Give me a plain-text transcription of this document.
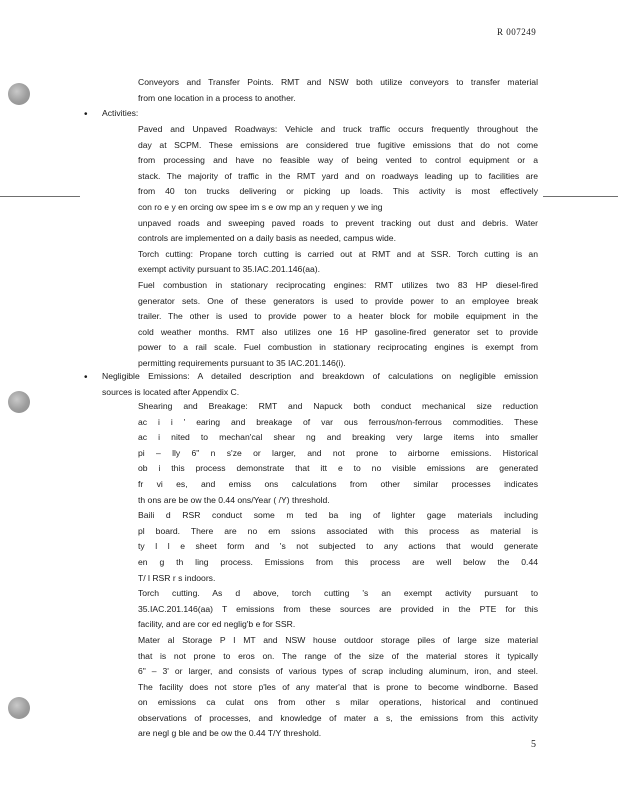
R 007249
Conveyors and Transfer Points. RMT and NSW both utilize conveyors to transfer material
from one location in a process to another.
• Activities:
Paved and Unpaved Roadways: Vehicle and truck traffic occurs frequently throughout the
day at SCPM. These emissions are considered true fugitive emissions that do not come
from processing and have no feasible way of being vented to control equipment or a
stack. The majority of traffic in the RMT yard and on roadways leading up to facilities are
from 40 ton trucks delivering or picking up loads. This activity is most effectively
con ro e y en orcing ow spee im s e ow mp an y requen y we ing
unpaved roads and sweeping paved roads to prevent tracking out dust and debris. Water
controls are implemented on a daily basis as needed, campus wide.
Torch cutting: Propane torch cutting is carried out at RMT and at SSR. Torch cutting is an
exempt activity pursuant to 35.IAC.201.146(aa).
Fuel combustion in stationary reciprocating engines: RMT utilizes two 83 HP diesel-fired
generator sets. One of these generators is used to provide power to an employee break
trailer. The other is used to provide power to a heater block for mobile equipment in the
cold weather months. RMT also utilizes one 16 HP gasoline-fired generator set to provide
power to a rail scale. Fuel combustion in stationary reciprocating engines is exempt from
permitting requirements pursuant to 35 IAC.201.146(i).
• Negligible Emissions: A detailed description and breakdown of calculations on negligible emission
sources is located after Appendix C.
Shearing and Breakage: RMT and Napuck both conduct mechanical size reduction
ac i i ' earing and breakage of var ous ferrous/non-ferrous commodities. These
ac i nited to mechan'cal shear ng and breaking very large items into smaller
pi – lly 6" n s'ze or larger, and not prone to airborne emissions. Historical
ob i this process demonstrate that itt e to no visible emissions are generated
fr vi es, and emiss ons calculations from other similar processes indicates
th ons are be ow the 0.44 ons/Year ( /Y) threshold.
Baili d RSR conduct some m ted ba ing of lighter gage materials including
pl board. There are no em ssions associated with this process as material is
ty l l e sheet form and 's not subjected to any actions that would generate
en g th ling process. Emissions from this process are well below the 0.44
T/ l RSR r s indoors.
Torch cutting. As d above, torch cutting 's an exempt activity pursuant to
35.IAC.201.146(aa) T emissions from these sources are provided in the PTE for this
facility, and are cor ed neglig'b e for SSR.
Mater al Storage P I MT and NSW house outdoor storage piles of large size material
that is not prone to eros on. The range of the size of the material stores it typically
6" – 3' or larger, and consists of various types of scrap including aluminum, iron, and steel.
The facility does not store p'les of any mater'al that is prone to become windborne. Based
on emissions ca culat ons from other s milar operations, historical and continued
observations of processes, and knowledge of mater a s, the emissions from this activity
are negl g ble and be ow the 0.44 T/Y threshold.
5
